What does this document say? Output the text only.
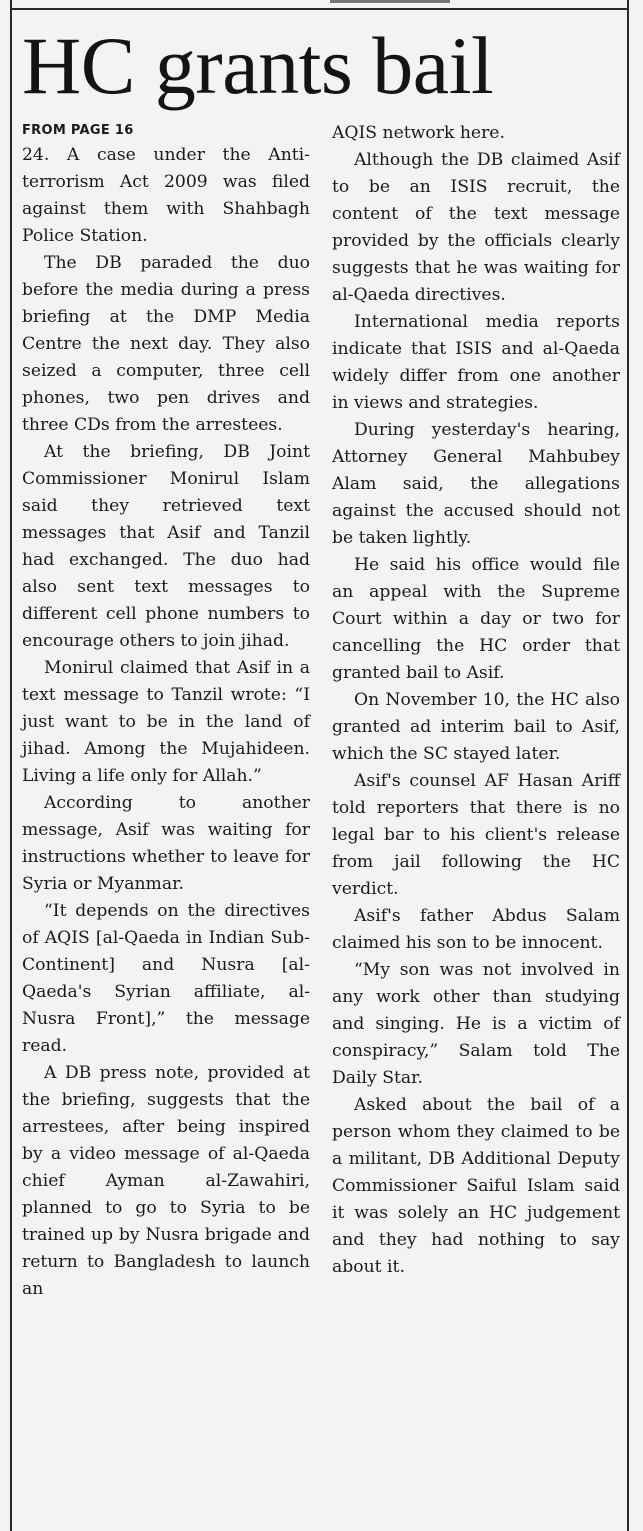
HC grants bail
FROM PAGE 16

24. A case under the Anti-terrorism Act 2009 was filed against them with Shahbagh Police Station.

The DB paraded the duo before the media during a press briefing at the DMP Media Centre the next day. They also seized a computer, three cell phones, two pen drives and three CDs from the arrestees.

At the briefing, DB Joint Commissioner Monirul Islam said they retrieved text messages that Asif and Tanzil had exchanged. The duo had also sent text messages to different cell phone numbers to encourage others to join jihad.

Monirul claimed that Asif in a text message to Tanzil wrote: “I just want to be in the land of jihad. Among the Mujahideen. Living a life only for Allah.”

According to another message, Asif was waiting for instructions whether to leave for Syria or Myanmar.

“It depends on the directives of AQIS [al-Qaeda in Indian Sub-Continent] and Nusra [al-Qaeda's Syrian affiliate, al-Nusra Front],” the message read.

A DB press note, provided at the briefing, suggests that the arrestees, after being inspired by a video message of al-Qaeda chief Ayman al-Zawahiri, planned to go to Syria to be trained up by Nusra brigade and return to Bangladesh to launch an

AQIS network here.

Although the DB claimed Asif to be an ISIS recruit, the content of the text message provided by the officials clearly suggests that he was waiting for al-Qaeda directives.

International media reports indicate that ISIS and al-Qaeda widely differ from one another in views and strategies.

During yesterday's hearing, Attorney General Mahbubey Alam said, the allegations against the accused should not be taken lightly.

He said his office would file an appeal with the Supreme Court within a day or two for cancelling the HC order that granted bail to Asif.

On November 10, the HC also granted ad interim bail to Asif, which the SC stayed later.

Asif's counsel AF Hasan Ariff told reporters that there is no legal bar to his client's release from jail following the HC verdict.

Asif's father Abdus Salam claimed his son to be innocent.

“My son was not involved in any work other than studying and singing. He is a victim of conspiracy,” Salam told The Daily Star.

Asked about the bail of a person whom they claimed to be a militant, DB Additional Deputy Commissioner Saiful Islam said it was solely an HC judgement and they had nothing to say about it.
